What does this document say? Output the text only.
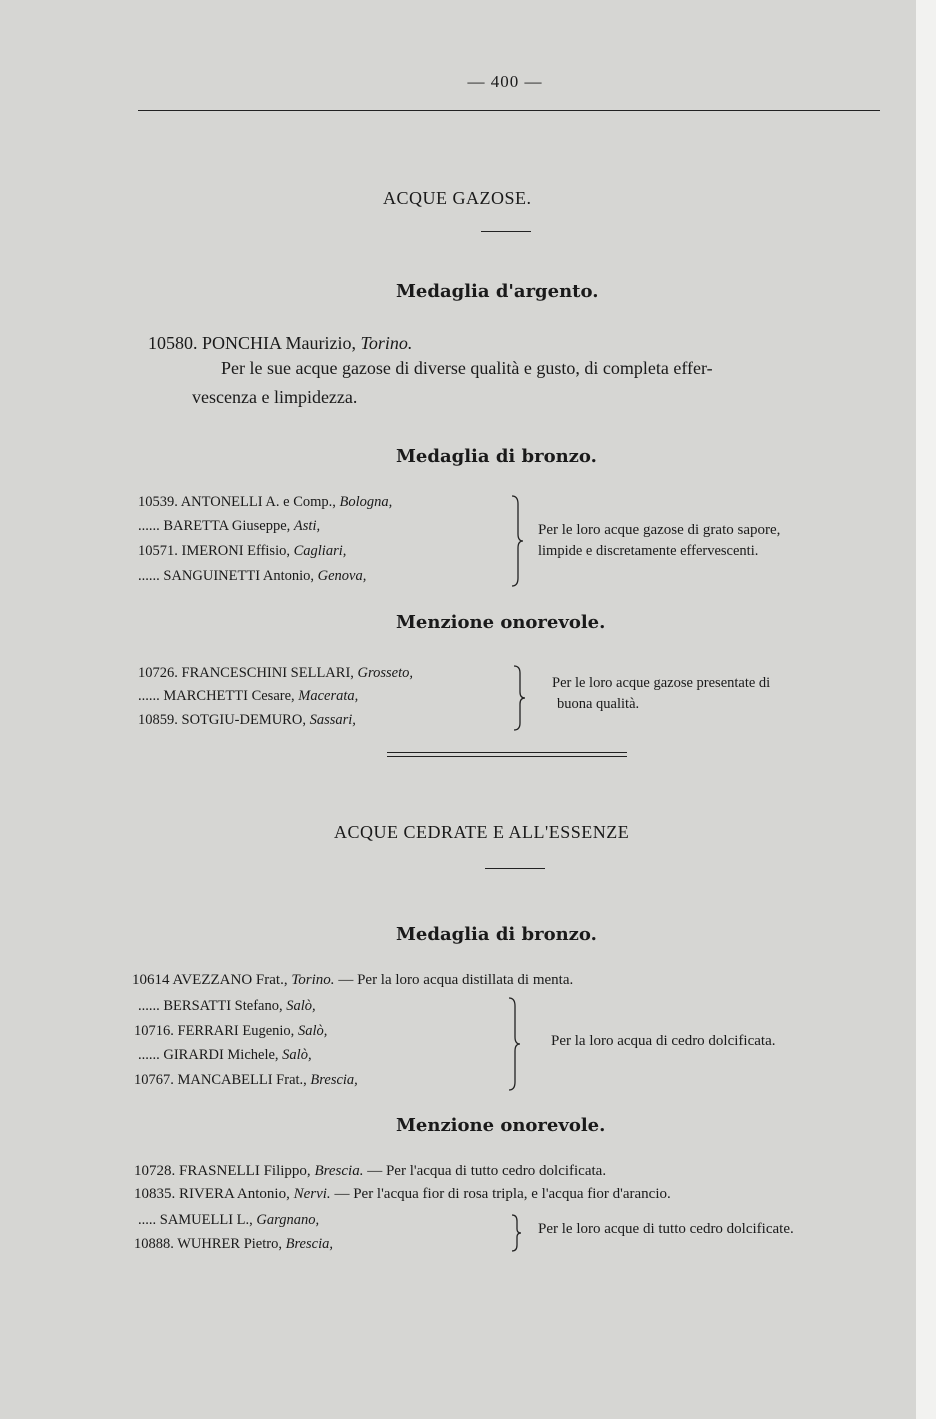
— 400 —
ACQUE GAZOSE.
Medaglia d'argento.
10580. PONCHIA Maurizio, Torino.
Per le sue acque gazose di diverse qualità e gusto, di completa effer-
vescenza e limpidezza.
Medaglia di bronzo.
10539. ANTONELLI A. e Comp., Bologna,
...... BARETTA Giuseppe, Asti,
10571. IMERONI Effisio, Cagliari,
...... SANGUINETTI Antonio, Genova,
Per le loro acque gazose di grato sapore,
limpide e discretamente effervescenti.
Menzione onorevole.
10726. FRANCESCHINI SELLARI, Grosseto,
...... MARCHETTI Cesare, Macerata,
10859. SOTGIU-DEMURO, Sassari,
Per le loro acque gazose presentate di
buona qualità.
ACQUE CEDRATE E ALL'ESSENZE
Medaglia di bronzo.
10614 AVEZZANO Frat., Torino. — Per la loro acqua distillata di menta.
...... BERSATTI Stefano, Salò,
10716. FERRARI Eugenio, Salò,
...... GIRARDI Michele, Salò,
10767. MANCABELLI Frat., Brescia,
Per la loro acqua di cedro dolcificata.
Menzione onorevole.
10728. FRASNELLI Filippo, Brescia. — Per l'acqua di tutto cedro dolcificata.
10835. RIVERA Antonio, Nervi. — Per l'acqua fior di rosa tripla, e l'acqua fior d'arancio.
..... SAMUELLI L., Gargnano,
10888. WUHRER Pietro, Brescia,
Per le loro acque di tutto cedro dolcificate.
